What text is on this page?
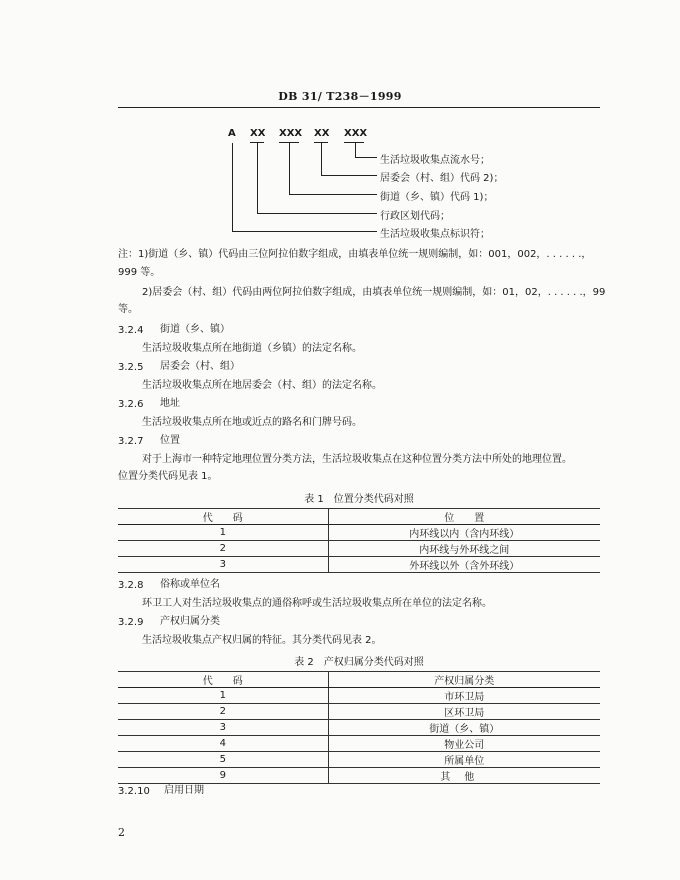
DB 31/ T238－1999
A XX XXX XX XXX
生活垃圾收集点流水号；
居委会（村、组）代码 2)；
街道（乡、镇）代码 1)；
行政区划代码；
生活垃圾收集点标识符；
注：1)街道（乡、镇）代码由三位阿拉伯数字组成，由填表单位统一规则编制，如：001，002，. . . . . .，
999 等。
2)居委会（村、组）代码由两位阿拉伯数字组成，由填表单位统一规则编制，如：01，02，. . . . . .，99
等。
3.2.4 街道（乡、镇）
生活垃圾收集点所在地街道（乡镇）的法定名称。
3.2.5 居委会（村、组）
生活垃圾收集点所在地居委会（村、组）的法定名称。
3.2.6 地址
生活垃圾收集点所在地或近点的路名和门牌号码。
3.2.7 位置
对于上海市一种特定地理位置分类方法，生活垃圾收集点在这种位置分类方法中所处的地理位置。
位置分类代码见表 1。
表 1　位置分类代码对照
代　　码	位　　置
1	内环线以内（含内环线）
2	内环线与外环线之间
3	外环线以外（含外环线）
3.2.8 俗称或单位名
环卫工人对生活垃圾收集点的通俗称呼或生活垃圾收集点所在单位的法定名称。
3.2.9 产权归属分类
生活垃圾收集点产权归属的特征。其分类代码见表 2。
表 2　产权归属分类代码对照
代　　码	产权归属分类
1	市环卫局
2	区环卫局
3	街道（乡、镇）
4	物业公司
5	所属单位
9	其他
3.2.10 启用日期
2
